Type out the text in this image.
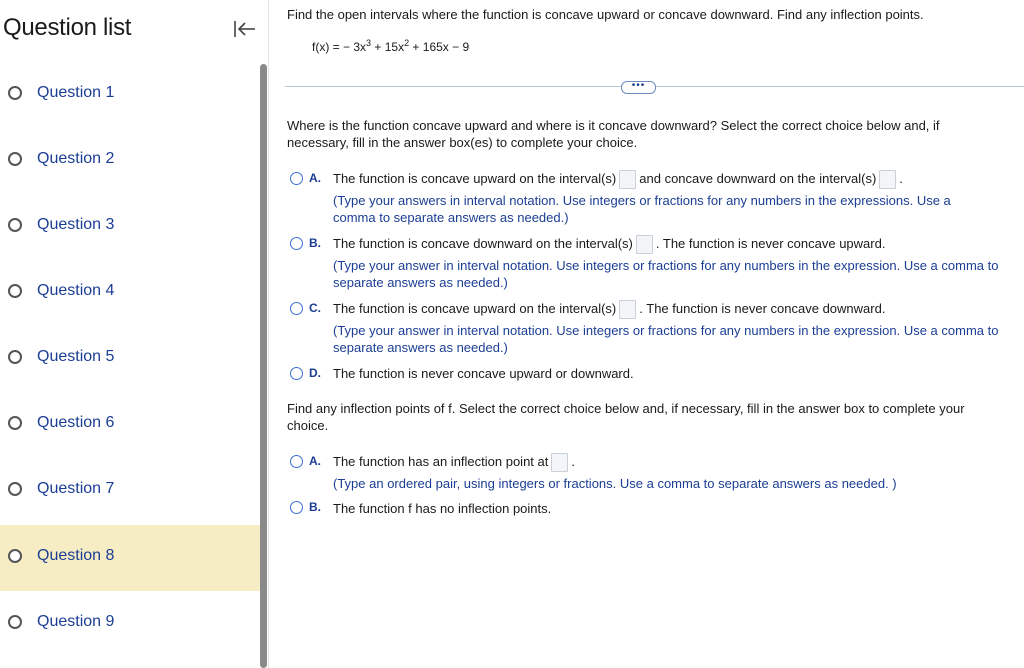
Question list
Question 1
Question 2
Question 3
Question 4
Question 5
Question 6
Question 7
Question 8
Question 9
Find the open intervals where the function is concave upward or concave downward. Find any inflection points.
f(x) = − $3x^3 + 15x^2 + 165x - 9$
•••
Where is the function concave upward and where is it concave downward? Select the correct choice below and, if necessary, fill in the answer box(es) to complete your choice.
A. The function is concave upward on the interval(s) and concave downward on the interval(s) .
(Type your answers in interval notation. Use integers or fractions for any numbers in the expressions. Use a comma to separate answers as needed.)
B. The function is concave downward on the interval(s) . The function is never concave upward.
(Type your answer in interval notation. Use integers or fractions for any numbers in the expression. Use a comma to separate answers as needed.)
C. The function is concave upward on the interval(s) . The function is never concave downward.
(Type your answer in interval notation. Use integers or fractions for any numbers in the expression. Use a comma to separate answers as needed.)
D. The function is never concave upward or downward.
Find any inflection points of f. Select the correct choice below and, if necessary, fill in the answer box to complete your choice.
A. The function has an inflection point at .
(Type an ordered pair, using integers or fractions. Use a comma to separate answers as needed. )
B. The function f has no inflection points.
